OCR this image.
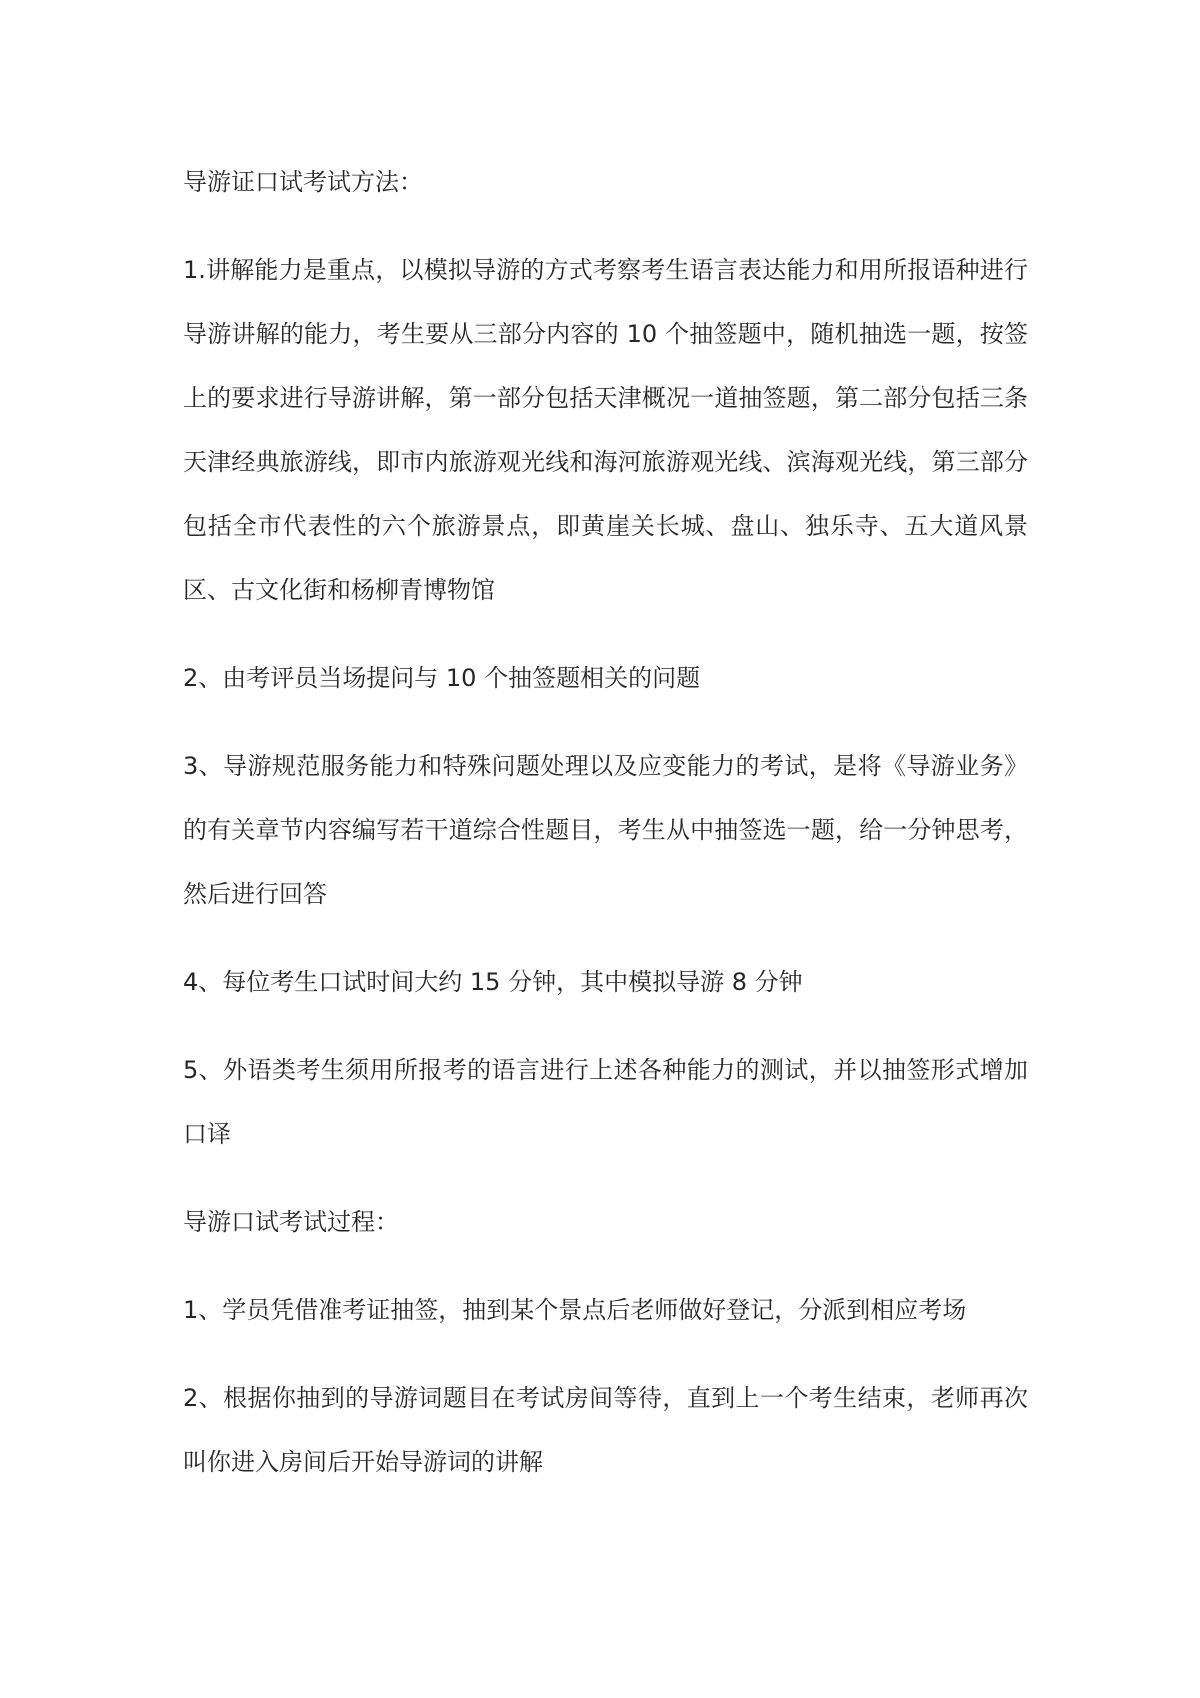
导游证口试考试方法：

1.讲解能力是重点，以模拟导游的方式考察考生语言表达能力和用所报语种进行导游讲解的能力，考生要从三部分内容的 10 个抽签题中，随机抽选一题，按签上的要求进行导游讲解，第一部分包括天津概况一道抽签题，第二部分包括三条天津经典旅游线，即市内旅游观光线和海河旅游观光线、滨海观光线，第三部分包括全市代表性的六个旅游景点，即黄崖关长城、盘山、独乐寺、五大道风景区、古文化街和杨柳青博物馆

2、由考评员当场提问与 10 个抽签题相关的问题

3、导游规范服务能力和特殊问题处理以及应变能力的考试，是将《导游业务》的有关章节内容编写若干道综合性题目，考生从中抽签选一题，给一分钟思考，然后进行回答

4、每位考生口试时间大约 15 分钟，其中模拟导游 8 分钟

5、外语类考生须用所报考的语言进行上述各种能力的测试，并以抽签形式增加口译

导游口试考试过程：

1、学员凭借准考证抽签，抽到某个景点后老师做好登记，分派到相应考场

2、根据你抽到的导游词题目在考试房间等待，直到上一个考生结束，老师再次叫你进入房间后开始导游词的讲解
